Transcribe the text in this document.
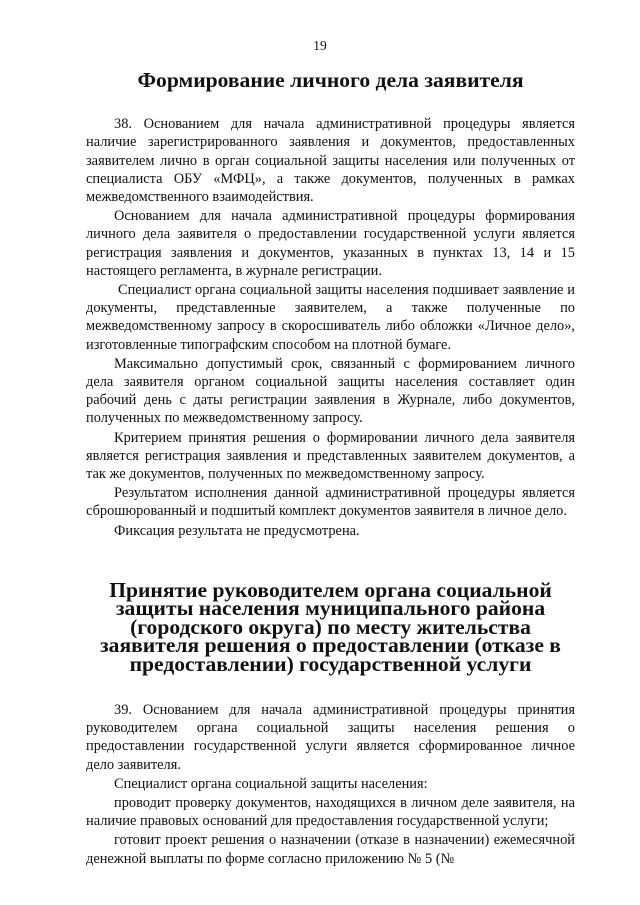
19
Формирование личного дела заявителя

38. Основанием для начала административной процедуры является наличие зарегистрированного заявления и документов, предоставленных заявителем лично в орган социальной защиты населения или полученных от специалиста ОБУ «МФЦ», а также документов, полученных в рамках межведомственного взаимодействия.

Основанием для начала административной процедуры формирования личного дела заявителя о предоставлении государственной услуги является регистрация заявления и документов, указанных в пунктах 13, 14 и 15 настоящего регламента, в журнале регистрации.

Специалист органа социальной защиты населения подшивает заявление и документы, представленные заявителем, а также полученные по межведомственному запросу в скоросшиватель либо обложки «Личное дело», изготовленные типографским способом на плотной бумаге.

Максимально допустимый срок, связанный с формированием личного дела заявителя органом социальной защиты населения составляет один рабочий день с даты регистрации заявления в Журнале, либо документов, полученных по межведомственному запросу.

Критерием принятия решения о формировании личного дела заявителя является регистрация заявления и представленных заявителем документов, а так же документов, полученных по межведомственному запросу.

Результатом исполнения данной административной процедуры является сброшюрованный и подшитый комплект документов заявителя в личное дело.

Фиксация результата не предусмотрена.

Принятие руководителем органа социальной защиты населения муниципального района (городского округа) по месту жительства заявителя решения о предоставлении (отказе в предоставлении) государственной услуги

39. Основанием для начала административной процедуры принятия руководителем органа социальной защиты населения решения о предоставлении государственной услуги является сформированное личное дело заявителя.

Специалист органа социальной защиты населения:

проводит проверку документов, находящихся в личном деле заявителя, на наличие правовых оснований для предоставления государственной услуги;

готовит проект решения о назначении (отказе в назначении) ежемесячной денежной выплаты по форме согласно приложению № 5 (№
